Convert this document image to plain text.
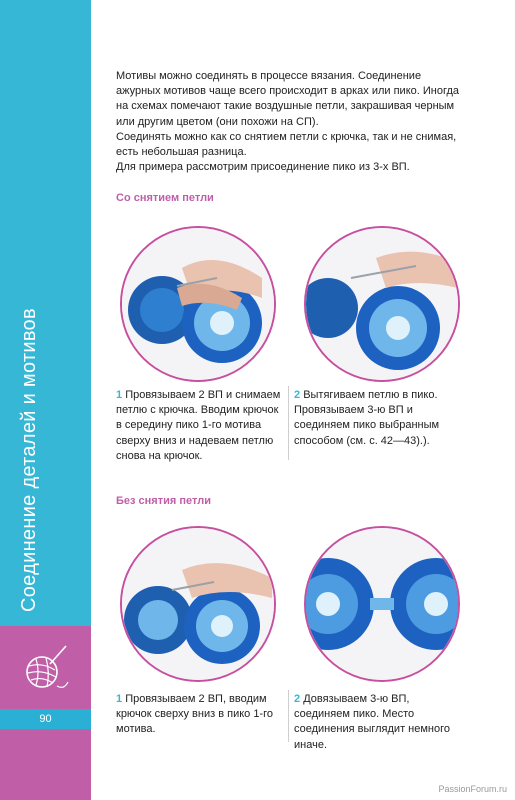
Соединение деталей и мотивов
90

Мотивы можно соединять в процессе вязания. Соединение ажурных мотивов чаще всего происходит в арках или пико. Иногда на схемах помечают такие воздушные петли, закрашивая черным или другим цветом (они похожи на СП).

Соединять можно как со снятием петли с крючка, так и не снимая, есть небольшая разница.

Для примера рассмотрим присоединение пико из 3-х ВП.

Со снятием петли
1 Провязываем 2 ВП и снимаем петлю с крючка. Вводим крючок в середину пико 1-го мотива сверху вниз и надеваем петлю снова на крючок.
2 Вытягиваем петлю в пико. Провязываем 3-ю ВП и соединяем пико выбранным способом (см. с. 42—43).).
Без снятия петли
1 Провязываем 2 ВП, вводим крючок сверху вниз в пико 1-го мотива.
2 Довязываем 3-ю ВП, соединяем пико. Место соединения выглядит немного иначе.
PassionForum.ru
